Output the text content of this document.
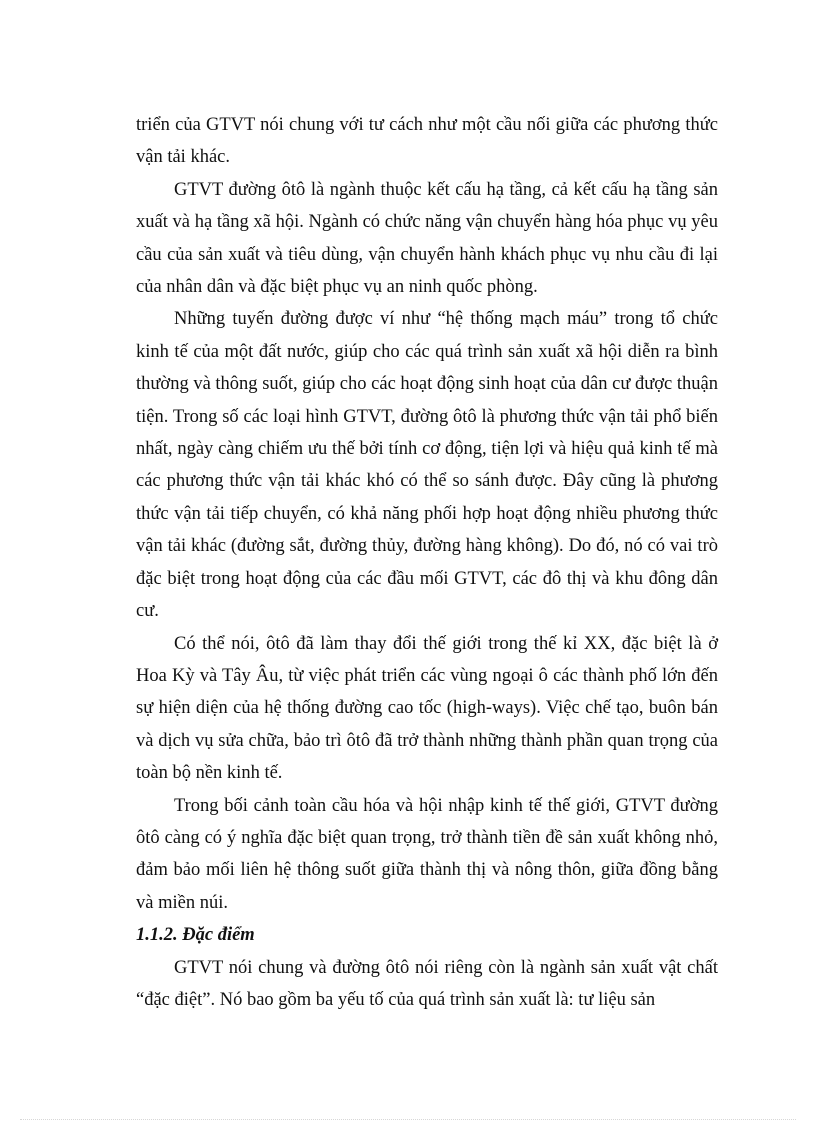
triển của GTVT nói chung với tư cách như một cầu nối giữa các phương thức vận tải khác.

GTVT đường ôtô là ngành thuộc kết cấu hạ tầng, cả kết cấu hạ tầng sản xuất và hạ tầng xã hội. Ngành có chức năng vận chuyển hàng hóa phục vụ yêu cầu của sản xuất và tiêu dùng, vận chuyển hành khách phục vụ nhu cầu đi lại của nhân dân và đặc biệt phục vụ an ninh quốc phòng.

Những tuyến đường được ví như “hệ thống mạch máu” trong tổ chức kinh tế của một đất nước, giúp cho các quá trình sản xuất xã hội diễn ra bình thường và thông suốt, giúp cho các hoạt động sinh hoạt của dân cư được thuận tiện. Trong số các loại hình GTVT, đường ôtô là phương thức vận tải phổ biến nhất, ngày càng chiếm ưu thế bởi tính cơ động, tiện lợi và hiệu quả kinh tế mà các phương thức vận tải khác khó có thể so sánh được. Đây cũng là phương thức vận tải tiếp chuyển, có khả năng phối hợp hoạt động nhiều phương thức vận tải khác (đường sắt, đường thủy, đường hàng không). Do đó, nó có vai trò đặc biệt trong hoạt động của các đầu mối GTVT, các đô thị và khu đông dân cư.

Có thể nói, ôtô đã làm thay đổi thế giới trong thế kỉ XX, đặc biệt là ở Hoa Kỳ và Tây Âu, từ việc phát triển các vùng ngoại ô các thành phố lớn đến sự hiện diện của hệ thống đường cao tốc (high-ways). Việc chế tạo, buôn bán và dịch vụ sửa chữa, bảo trì ôtô đã trở thành những thành phần quan trọng của toàn bộ nền kinh tế.

Trong bối cảnh toàn cầu hóa và hội nhập kinh tế thế giới, GTVT đường ôtô càng có ý nghĩa đặc biệt quan trọng, trở thành tiền đề sản xuất không nhỏ, đảm bảo mối liên hệ thông suốt giữa thành thị và nông thôn, giữa đồng bằng và miền núi.

1.1.2. Đặc điểm

GTVT nói chung và đường ôtô nói riêng còn là ngành sản xuất vật chất “đặc điệt”. Nó bao gồm ba yếu tố của quá trình sản xuất là: tư liệu sản
